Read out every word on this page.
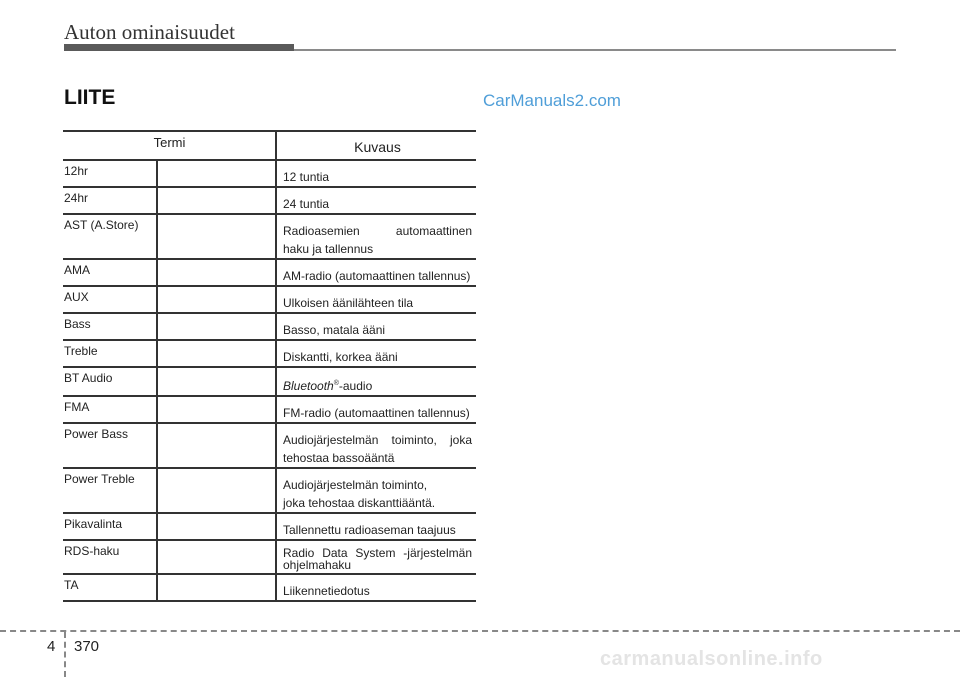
Auton ominaisuudet
LIITE	CarManuals2.com
Termi		Kuvaus

12hr		12 tuntia

24hr		24 tuntia

AST (A.Store)		Radioasemien automaattinen
haku ja tallennus

AMA		AM-radio (automaattinen tallennus)

AUX		Ulkoisen äänilähteen tila

Bass		Basso, matala ääni

Treble		Diskantti, korkea ääni

BT Audio		Bluetooth®-audio

FMA		FM-radio (automaattinen tallennus)

Power Bass		Audiojärjestelmän toiminto, joka
tehostaa bassoääntä

Power Treble		Audiojärjestelmän toiminto,
joka tehostaa diskanttiääntä.

Pikavalinta		Tallennettu radioaseman taajuus

RDS-haku		Radio Data System -järjestelmän
ohjelmahaku

TA		Liikennetiedotus
4 370
carmanualsonline.info
